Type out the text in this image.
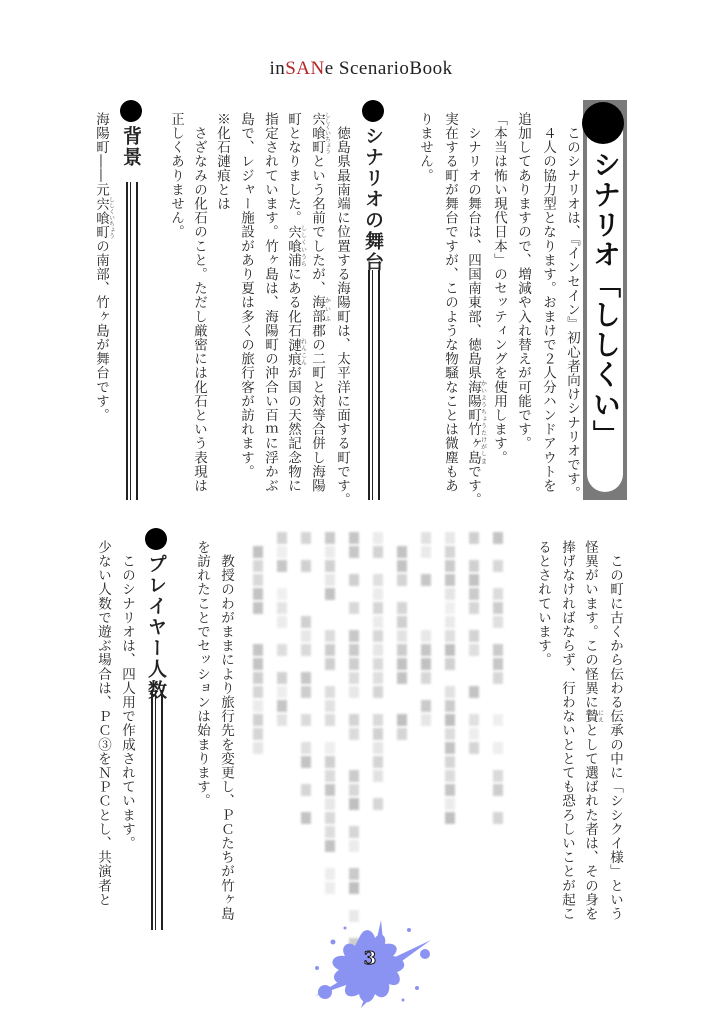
inSANe ScenarioBook
シナリオ「ししくい」
　このシナリオは、『インセイン』初心者向けシナリオです。
　４人の協力型となります。おまけで２人分ハンドアウトを
追加してありますので、増減や入れ替えが可能です。
「本当は怖い現代日本」のセッティングを使用します。
　シナリオの舞台は、四国南東部、徳島県海陽町竹ヶ島かいようちょうたけがしまです。
実在する町が舞台ですが、このような物騒なことは微塵もあ
りません。
シナリオの舞台
　徳島県最南端に位置する海陽町は、太平洋に面する町です。
宍喰町ししくいちょうという名前でしたが、海部かいふ郡の二町と対等合併し海陽
町となりました。宍喰浦ししくいうらにある化石漣痕れんこんが国の天然記念物に
指定されています。竹ヶ島は、海陽町の沖合い百ｍに浮かぶ
島で、レジャー施設があり夏は多くの旅行客が訪れます。
※化石漣痕とは
　さざなみの化石のこと。ただし厳密には化石という表現は
正しくありません。
背景
海陽町――元宍喰町ししくいちょうの南部、竹ヶ島が舞台です。
　この町に古くから伝わる伝承の中に「シシクイ様」という
怪異がいます。この怪異に贄にえとして選ばれた者は、その身を
捧げなければならず、行わないととても恐ろしいことが起こ
るとされています。
　教授のわがままにより旅行先を変更し、ＰＣたちが竹ヶ島
を訪れたことでセッションは始まります。
プレイヤー人数
　このシナリオは、四人用で作成されています。
少ない人数で遊ぶ場合は、ＰＣ③をＮＰＣとし、共演者と
3
